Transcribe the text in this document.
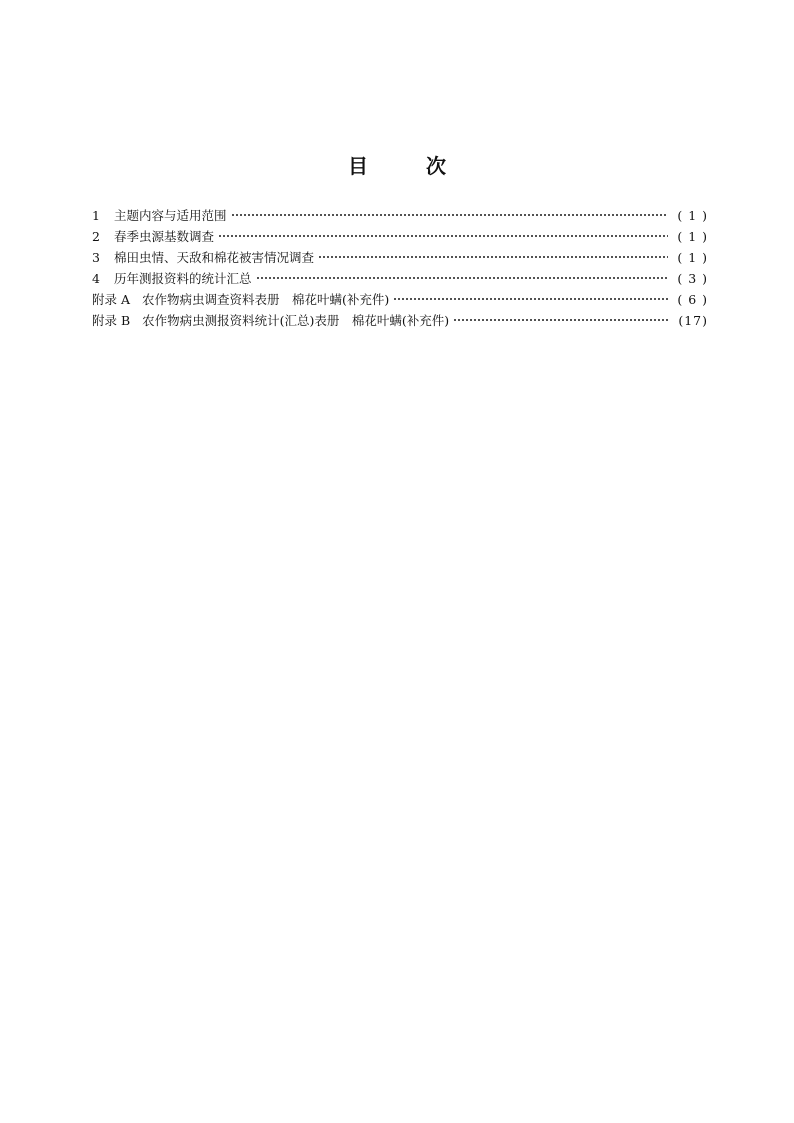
目	次
1	主题内容与适用范围	( 1 )
2	春季虫源基数调查	( 1 )
3	棉田虫情、天敌和棉花被害情况调查	( 1 )
4	历年测报资料的统计汇总	( 3 )
附录 A 农作物病虫调查资料表册　棉花叶螨(补充件)	( 6 )
附录 B 农作物病虫测报资料统计(汇总)表册　棉花叶螨(补充件)	(17)
